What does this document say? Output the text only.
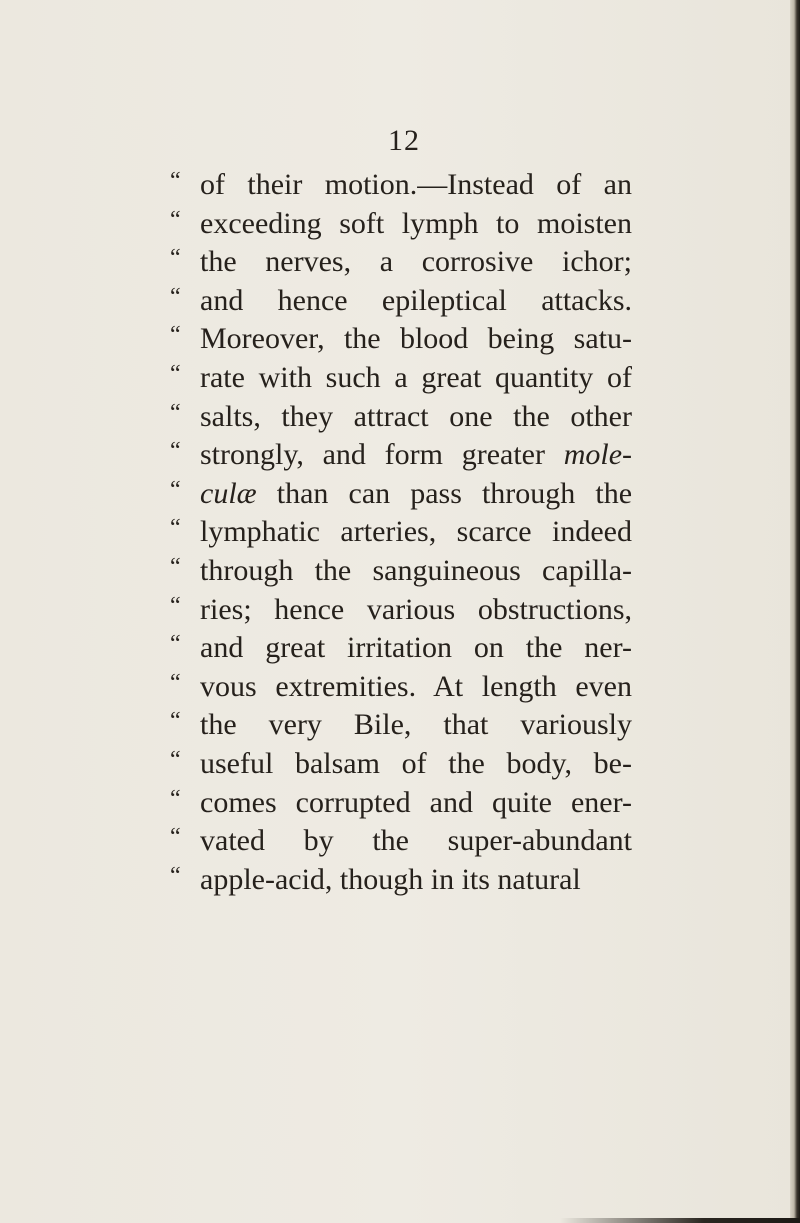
12
“ of their motion.—Instead of an
“ exceeding soft lymph to moisten
“ the nerves, a corrosive ichor;
“ and hence epileptical attacks.
“ Moreover, the blood being satu-
“ rate with such a great quantity of
“ salts, they attract one the other
“ strongly, and form greater mole-
“ culæ than can pass through the
“ lymphatic arteries, scarce indeed
“ through the sanguineous capilla-
“ ries; hence various obstructions,
“ and great irritation on the ner-
“ vous extremities. At length even
“ the very Bile, that variously
“ useful balsam of the body, be-
“ comes corrupted and quite ener-
“ vated by the super-abundant
“ apple-acid, though in its natural
